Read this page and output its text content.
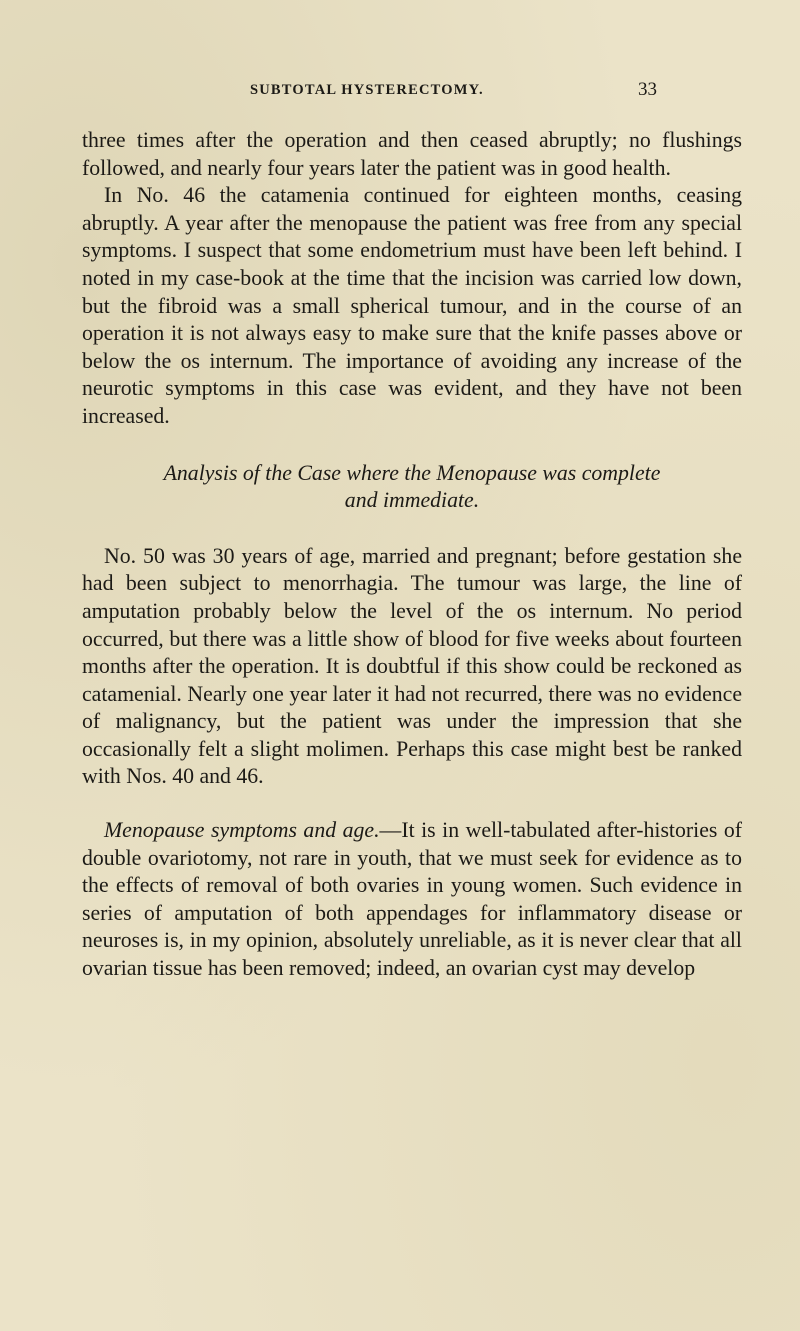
SUBTOTAL HYSTERECTOMY.	33

three times after the operation and then ceased abruptly; no flushings followed, and nearly four years later the patient was in good health.

In No. 46 the catamenia continued for eighteen months, ceasing abruptly. A year after the menopause the patient was free from any special symptoms. I suspect that some endometrium must have been left behind. I noted in my case-book at the time that the incision was carried low down, but the fibroid was a small spherical tumour, and in the course of an operation it is not always easy to make sure that the knife passes above or below the os internum. The importance of avoiding any increase of the neurotic symptoms in this case was evident, and they have not been increased.

Analysis of the Case where the Menopause was complete
and immediate.

No. 50 was 30 years of age, married and pregnant; before gestation she had been subject to menorrhagia. The tumour was large, the line of amputation probably below the level of the os internum. No period occurred, but there was a little show of blood for five weeks about fourteen months after the operation. It is doubtful if this show could be reckoned as catamenial. Nearly one year later it had not recurred, there was no evidence of malignancy, but the patient was under the impression that she occasionally felt a slight molimen. Perhaps this case might best be ranked with Nos. 40 and 46.

Menopause symptoms and age.—It is in well-tabulated after-histories of double ovariotomy, not rare in youth, that we must seek for evidence as to the effects of removal of both ovaries in young women. Such evidence in series of amputation of both appendages for inflammatory disease or neuroses is, in my opinion, absolutely unreliable, as it is never clear that all ovarian tissue has been removed; indeed, an ovarian cyst may develop
